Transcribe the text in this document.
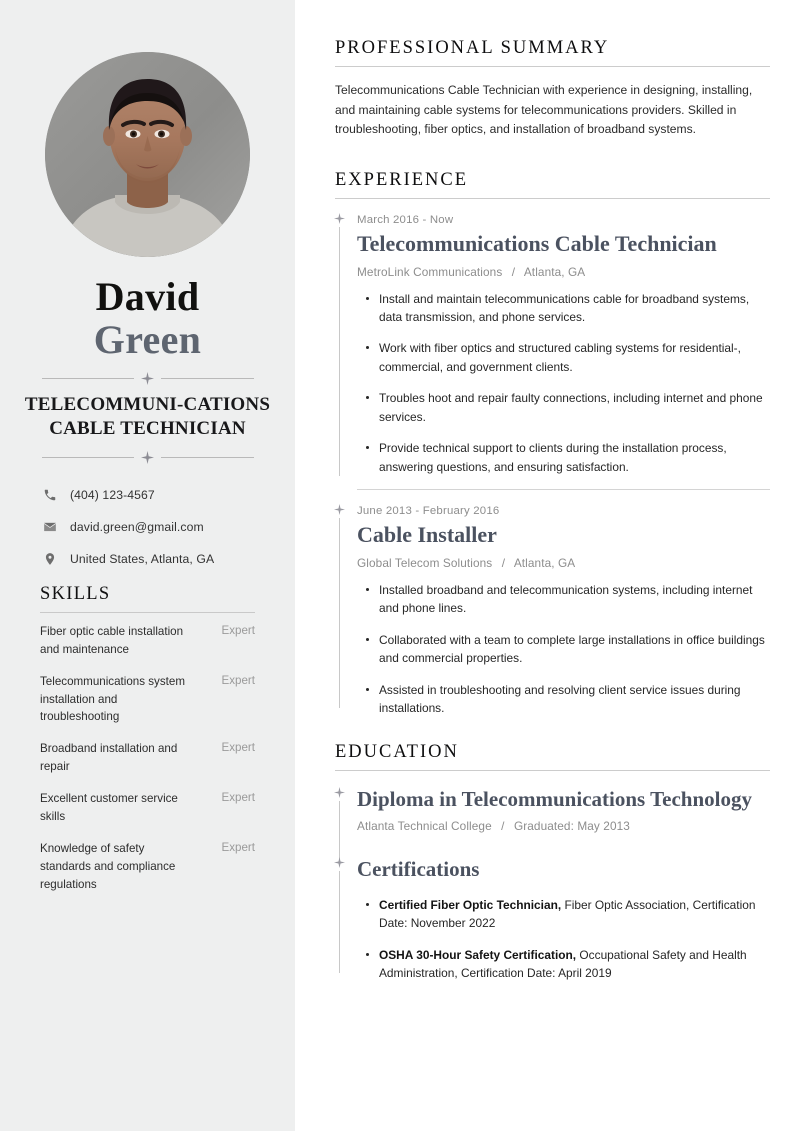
David
Green
TELECOMMUNI-CATIONS CABLE TECHNICIAN
(404) 123-4567
david.green@gmail.com
United States, Atlanta, GA
SKILLS
Fiber optic cable installation and maintenance
Expert
Telecommunications system installation and troubleshooting
Expert
Broadband installation and repair
Expert
Excellent customer service skills
Expert
Knowledge of safety standards and compliance regulations
Expert
PROFESSIONAL SUMMARY

Telecommunications Cable Technician with experience in designing, installing, and maintaining cable systems for telecommunications providers. Skilled in troubleshooting, fiber optics, and installation of broadband systems.

EXPERIENCE
March 2016 - Now
Telecommunications Cable Technician
MetroLink Communications / Atlanta, GA
Install and maintain telecommunications cable for broadband systems, data transmission, and phone services.
Work with fiber optics and structured cabling systems for residential-, commercial, and government clients.
Troubles hoot and repair faulty connections, including internet and phone services.
Provide technical support to clients during the installation process, answering questions, and ensuring satisfaction.
June 2013 - February 2016
Cable Installer
Global Telecom Solutions / Atlanta, GA
Installed broadband and telecommunication systems, including internet and phone lines.
Collaborated with a team to complete large installations in office buildings and commercial properties.
Assisted in troubleshooting and resolving client service issues during installations.
EDUCATION
Diploma in Telecommunications Technology
Atlanta Technical College / Graduated: May 2013
Certifications
Certified Fiber Optic Technician, Fiber Optic Association, Certification Date: November 2022
OSHA 30-Hour Safety Certification, Occupational Safety and Health Administration, Certification Date: April 2019
